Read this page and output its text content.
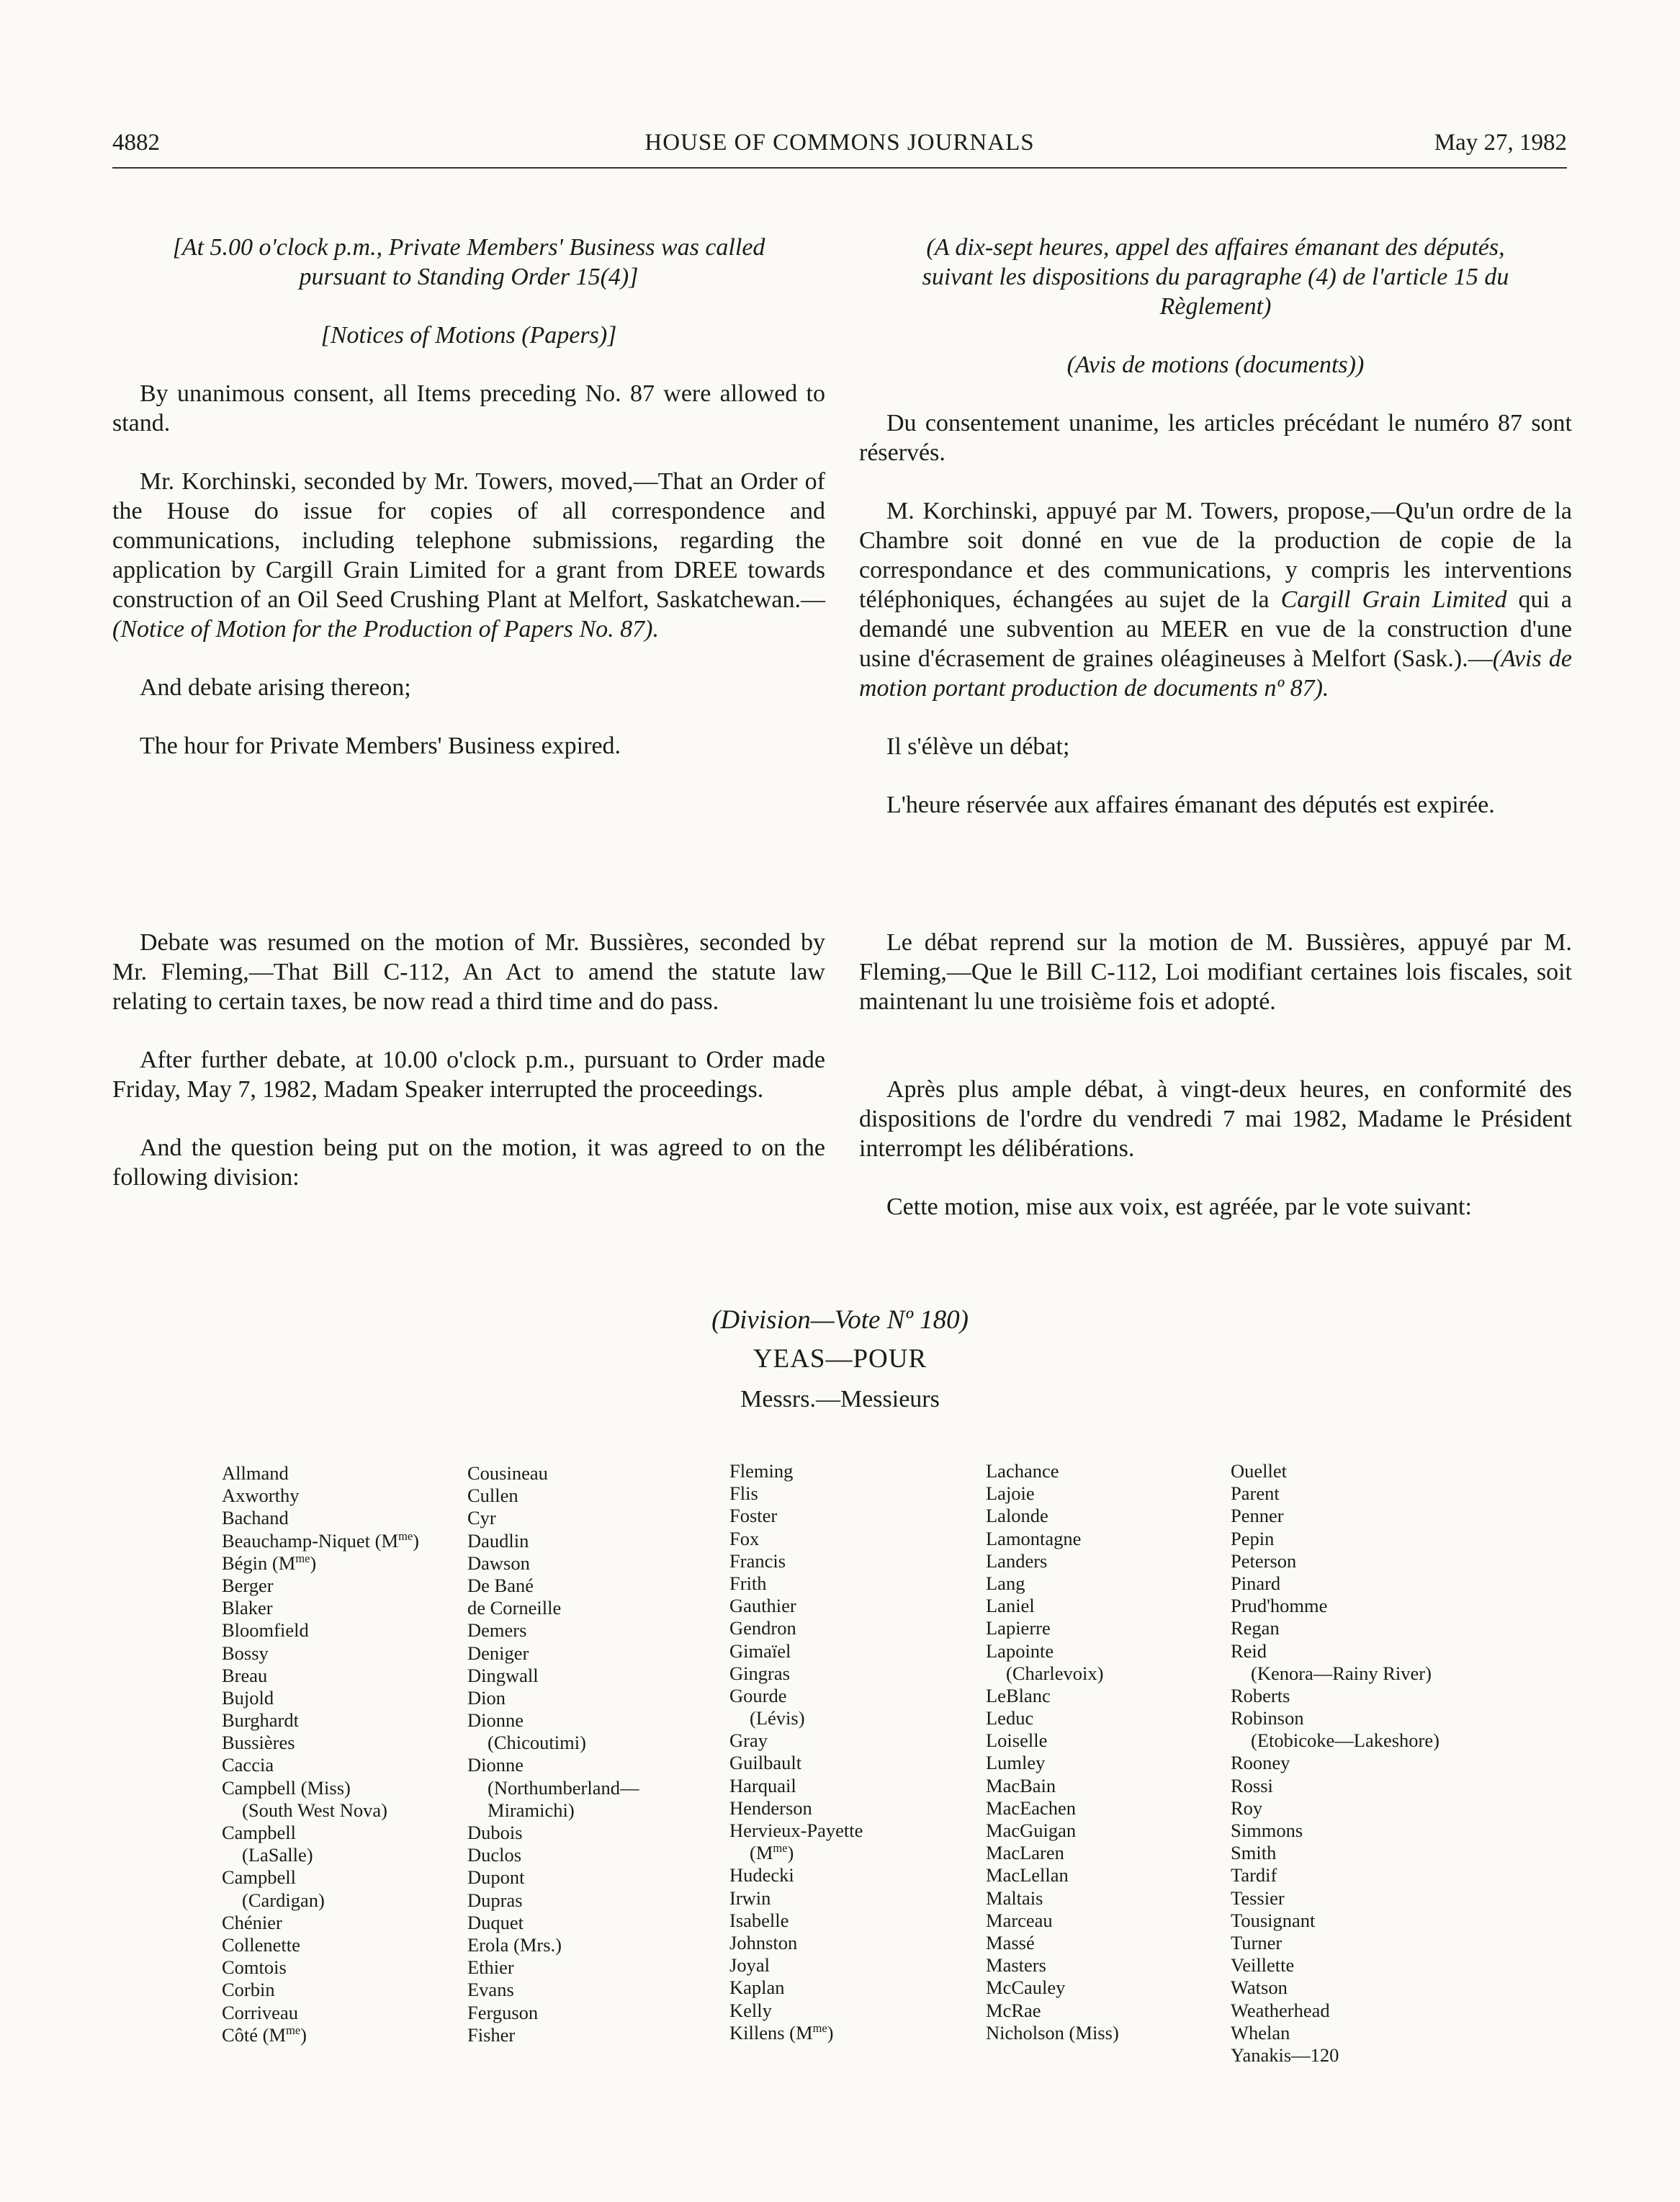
4882	HOUSE OF COMMONS JOURNALS	May 27, 1982

[At 5.00 o'clock p.m., Private Members' Business was called pursuant to Standing Order 15(4)]

[Notices of Motions (Papers)]

By unanimous consent, all Items preceding No. 87 were allowed to stand.

Mr. Korchinski, seconded by Mr. Towers, moved,—That an Order of the House do issue for copies of all correspondence and communications, including telephone submissions, regarding the application by Cargill Grain Limited for a grant from DREE towards construction of an Oil Seed Crushing Plant at Melfort, Saskatchewan.—(Notice of Motion for the Production of Papers No. 87).

And debate arising thereon;

The hour for Private Members' Business expired.

(A dix-sept heures, appel des affaires émanant des députés, suivant les dispositions du paragraphe (4) de l'article 15 du Règlement)

(Avis de motions (documents))

Du consentement unanime, les articles précédant le numéro 87 sont réservés.

M. Korchinski, appuyé par M. Towers, propose,—Qu'un ordre de la Chambre soit donné en vue de la production de copie de la correspondance et des communications, y compris les interventions téléphoniques, échangées au sujet de la Cargill Grain Limited qui a demandé une subvention au MEER en vue de la construction d'une usine d'écrasement de graines oléagineuses à Melfort (Sask.).—(Avis de motion portant production de documents nº 87).

Il s'élève un débat;

L'heure réservée aux affaires émanant des députés est expirée.

Debate was resumed on the motion of Mr. Bussières, seconded by Mr. Fleming,—That Bill C-112, An Act to amend the statute law relating to certain taxes, be now read a third time and do pass.

After further debate, at 10.00 o'clock p.m., pursuant to Order made Friday, May 7, 1982, Madam Speaker interrupted the proceedings.

And the question being put on the motion, it was agreed to on the following division:

Le débat reprend sur la motion de M. Bussières, appuyé par M. Fleming,—Que le Bill C-112, Loi modifiant certaines lois fiscales, soit maintenant lu une troisième fois et adopté.

Après plus ample débat, à vingt-deux heures, en conformité des dispositions de l'ordre du vendredi 7 mai 1982, Madame le Président interrompt les délibérations.

Cette motion, mise aux voix, est agréée, par le vote suivant:

(Division—Vote Nº 180)
YEAS—POUR
Messrs.—Messieurs
Allmand
Axworthy
Bachand
Beauchamp-Niquet $(M^{me})$
Bégin $(M^{me})$
Berger
Blaker
Bloomfield
Bossy
Breau
Bujold
Burghardt
Bussières
Caccia
Campbell (Miss)
(South West Nova)
Campbell
(LaSalle)
Campbell
(Cardigan)
Chénier
Collenette
Comtois
Corbin
Corriveau
Côté $(M^{me})$
Cousineau
Cullen
Cyr
Daudlin
Dawson
De Bané
de Corneille
Demers
Deniger
Dingwall
Dion
Dionne
(Chicoutimi)
Dionne
(Northumberland—
Miramichi)
Dubois
Duclos
Dupont
Dupras
Duquet
Erola (Mrs.)
Ethier
Evans
Ferguson
Fisher
Fleming
Flis
Foster
Fox
Francis
Frith
Gauthier
Gendron
Gimaïel
Gingras
Gourde
(Lévis)
Gray
Guilbault
Harquail
Henderson
Hervieux-Payette
$(M^{me})$
Hudecki
Irwin
Isabelle
Johnston
Joyal
Kaplan
Kelly
Killens $(M^{me})$
Lachance
Lajoie
Lalonde
Lamontagne
Landers
Lang
Laniel
Lapierre
Lapointe
(Charlevoix)
LeBlanc
Leduc
Loiselle
Lumley
MacBain
MacEachen
MacGuigan
MacLaren
MacLellan
Maltais
Marceau
Massé
Masters
McCauley
McRae
Nicholson (Miss)
Ouellet
Parent
Penner
Pepin
Peterson
Pinard
Prud'homme
Regan
Reid
(Kenora—Rainy River)
Roberts
Robinson
(Etobicoke—Lakeshore)
Rooney
Rossi
Roy
Simmons
Smith
Tardif
Tessier
Tousignant
Turner
Veillette
Watson
Weatherhead
Whelan
Yanakis—120
